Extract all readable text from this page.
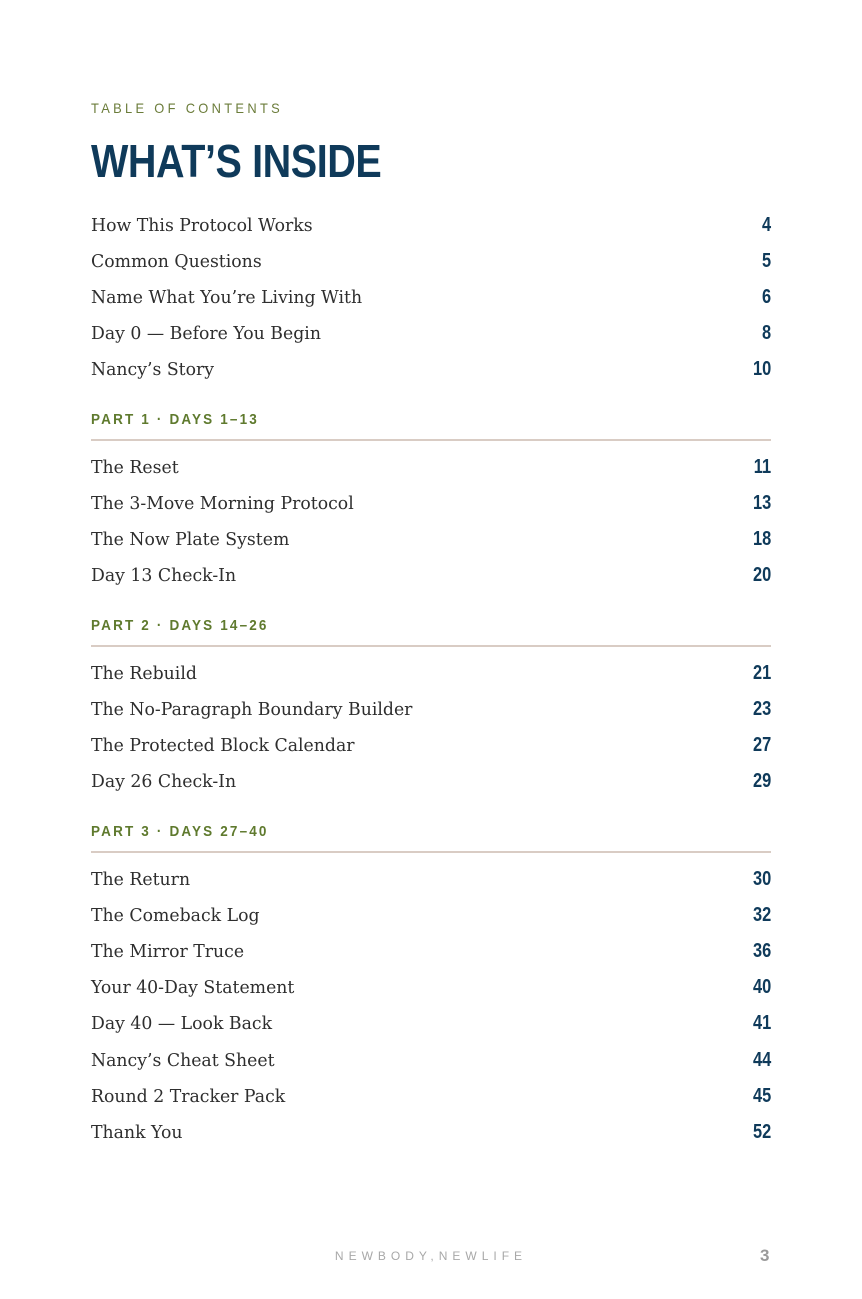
TABLE OF CONTENTS
WHAT’S INSIDE
How This Protocol Works	4
Common Questions	5
Name What You’re Living With	6
Day 0 — Before You Begin	8
Nancy’s Story	10
PART 1 · DAYS 1–13
The Reset	11
The 3-Move Morning Protocol	13
The Now Plate System	18
Day 13 Check-In	20
PART 2 · DAYS 14–26
The Rebuild	21
The No-Paragraph Boundary Builder	23
The Protected Block Calendar	27
Day 26 Check-In	29
PART 3 · DAYS 27–40
The Return	30
The Comeback Log	32
The Mirror Truce	36
Your 40-Day Statement	40
Day 40 — Look Back	41
Nancy’s Cheat Sheet	44
Round 2 Tracker Pack	45
Thank You	52
NEWBODY,NEWLIFE	3
